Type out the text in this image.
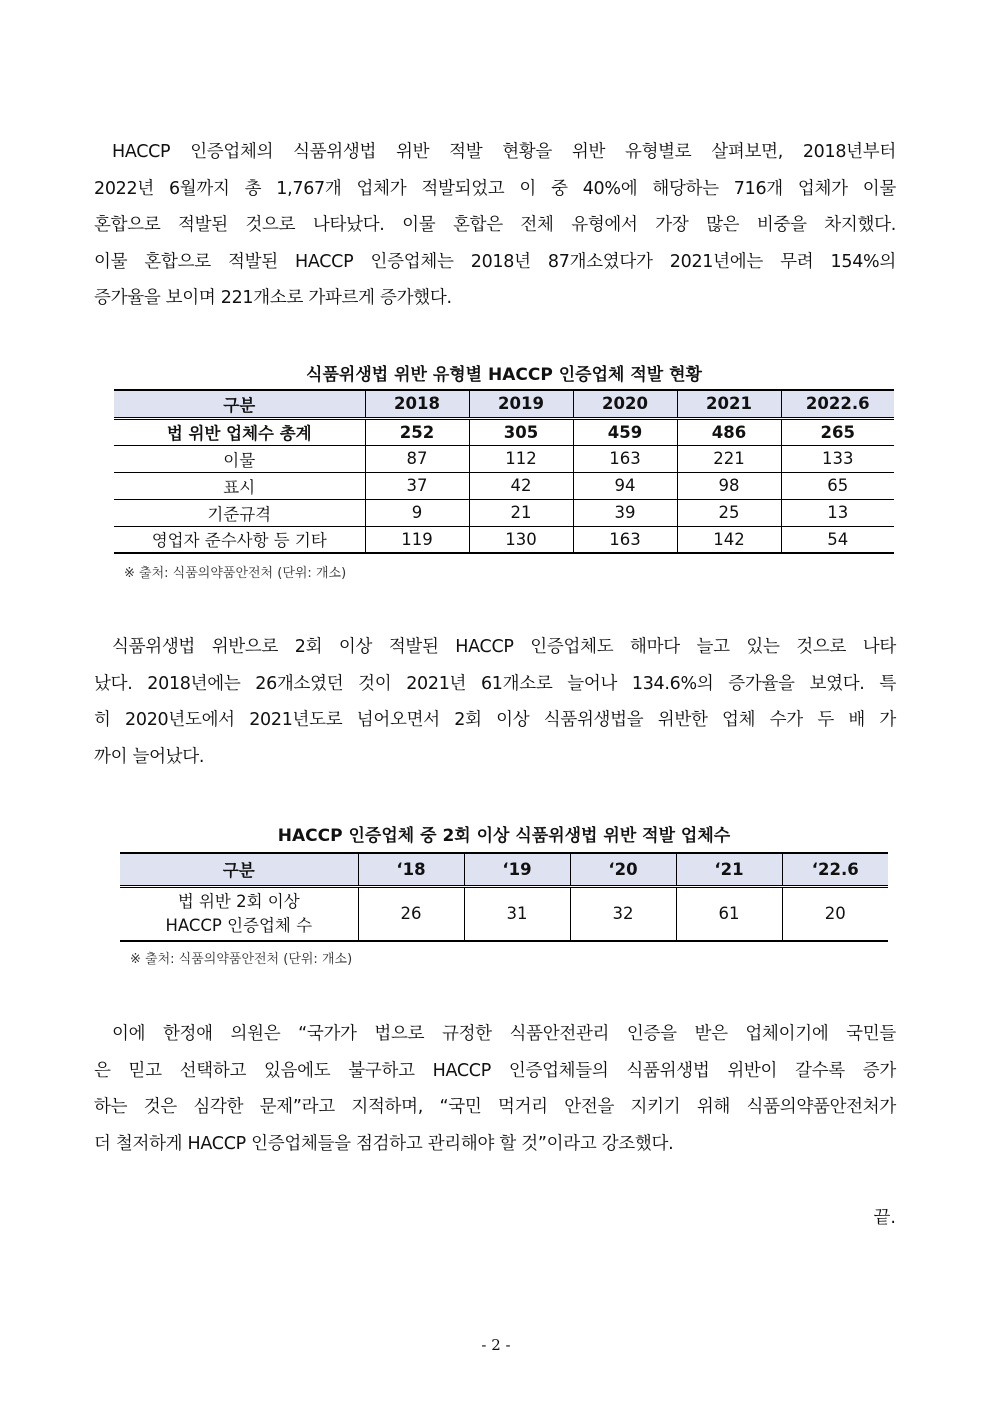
HACCP 인증업체의 식품위생법 위반 적발 현황을 위반 유형별로 살펴보면, 2018년부터
2022년 6월까지 총 1,767개 업체가 적발되었고 이 중 40%에 해당하는 716개 업체가 이물
혼합으로 적발된 것으로 나타났다. 이물 혼합은 전체 유형에서 가장 많은 비중을 차지했다.
이물 혼합으로 적발된 HACCP 인증업체는 2018년 87개소였다가 2021년에는 무려 154%의
증가율을 보이며 221개소로 가파르게 증가했다.
식품위생법 위반 유형별 HACCP 인증업체 적발 현황
구분	2018	2019	2020	2021	2022.6
법 위반 업체수 총계	252	305	459	486	265
이물	87	112	163	221	133
표시	37	42	94	98	65
기준규격	9	21	39	25	13
영업자 준수사항 등 기타	119	130	163	142	54
※ 출처: 식품의약품안전처 (단위: 개소)
식품위생법 위반으로 2회 이상 적발된 HACCP 인증업체도 해마다 늘고 있는 것으로 나타
났다. 2018년에는 26개소였던 것이 2021년 61개소로 늘어나 134.6%의 증가율을 보였다. 특
히 2020년도에서 2021년도로 넘어오면서 2회 이상 식품위생법을 위반한 업체 수가 두 배 가
까이 늘어났다.
HACCP 인증업체 중 2회 이상 식품위생법 위반 적발 업체수
구분	‘18	‘19	‘20	‘21	‘22.6

법 위반 2회 이상
HACCP 인증업체 수	26	31	32	61	20
※ 출처: 식품의약품안전처 (단위: 개소)
이에 한정애 의원은 “국가가 법으로 규정한 식품안전관리 인증을 받은 업체이기에 국민들
은 믿고 선택하고 있음에도 불구하고 HACCP 인증업체들의 식품위생법 위반이 갈수록 증가
하는 것은 심각한 문제”라고 지적하며, “국민 먹거리 안전을 지키기 위해 식품의약품안전처가
더 철저하게 HACCP 인증업체들을 점검하고 관리해야 할 것”이라고 강조했다.
끝.
- 2 -
